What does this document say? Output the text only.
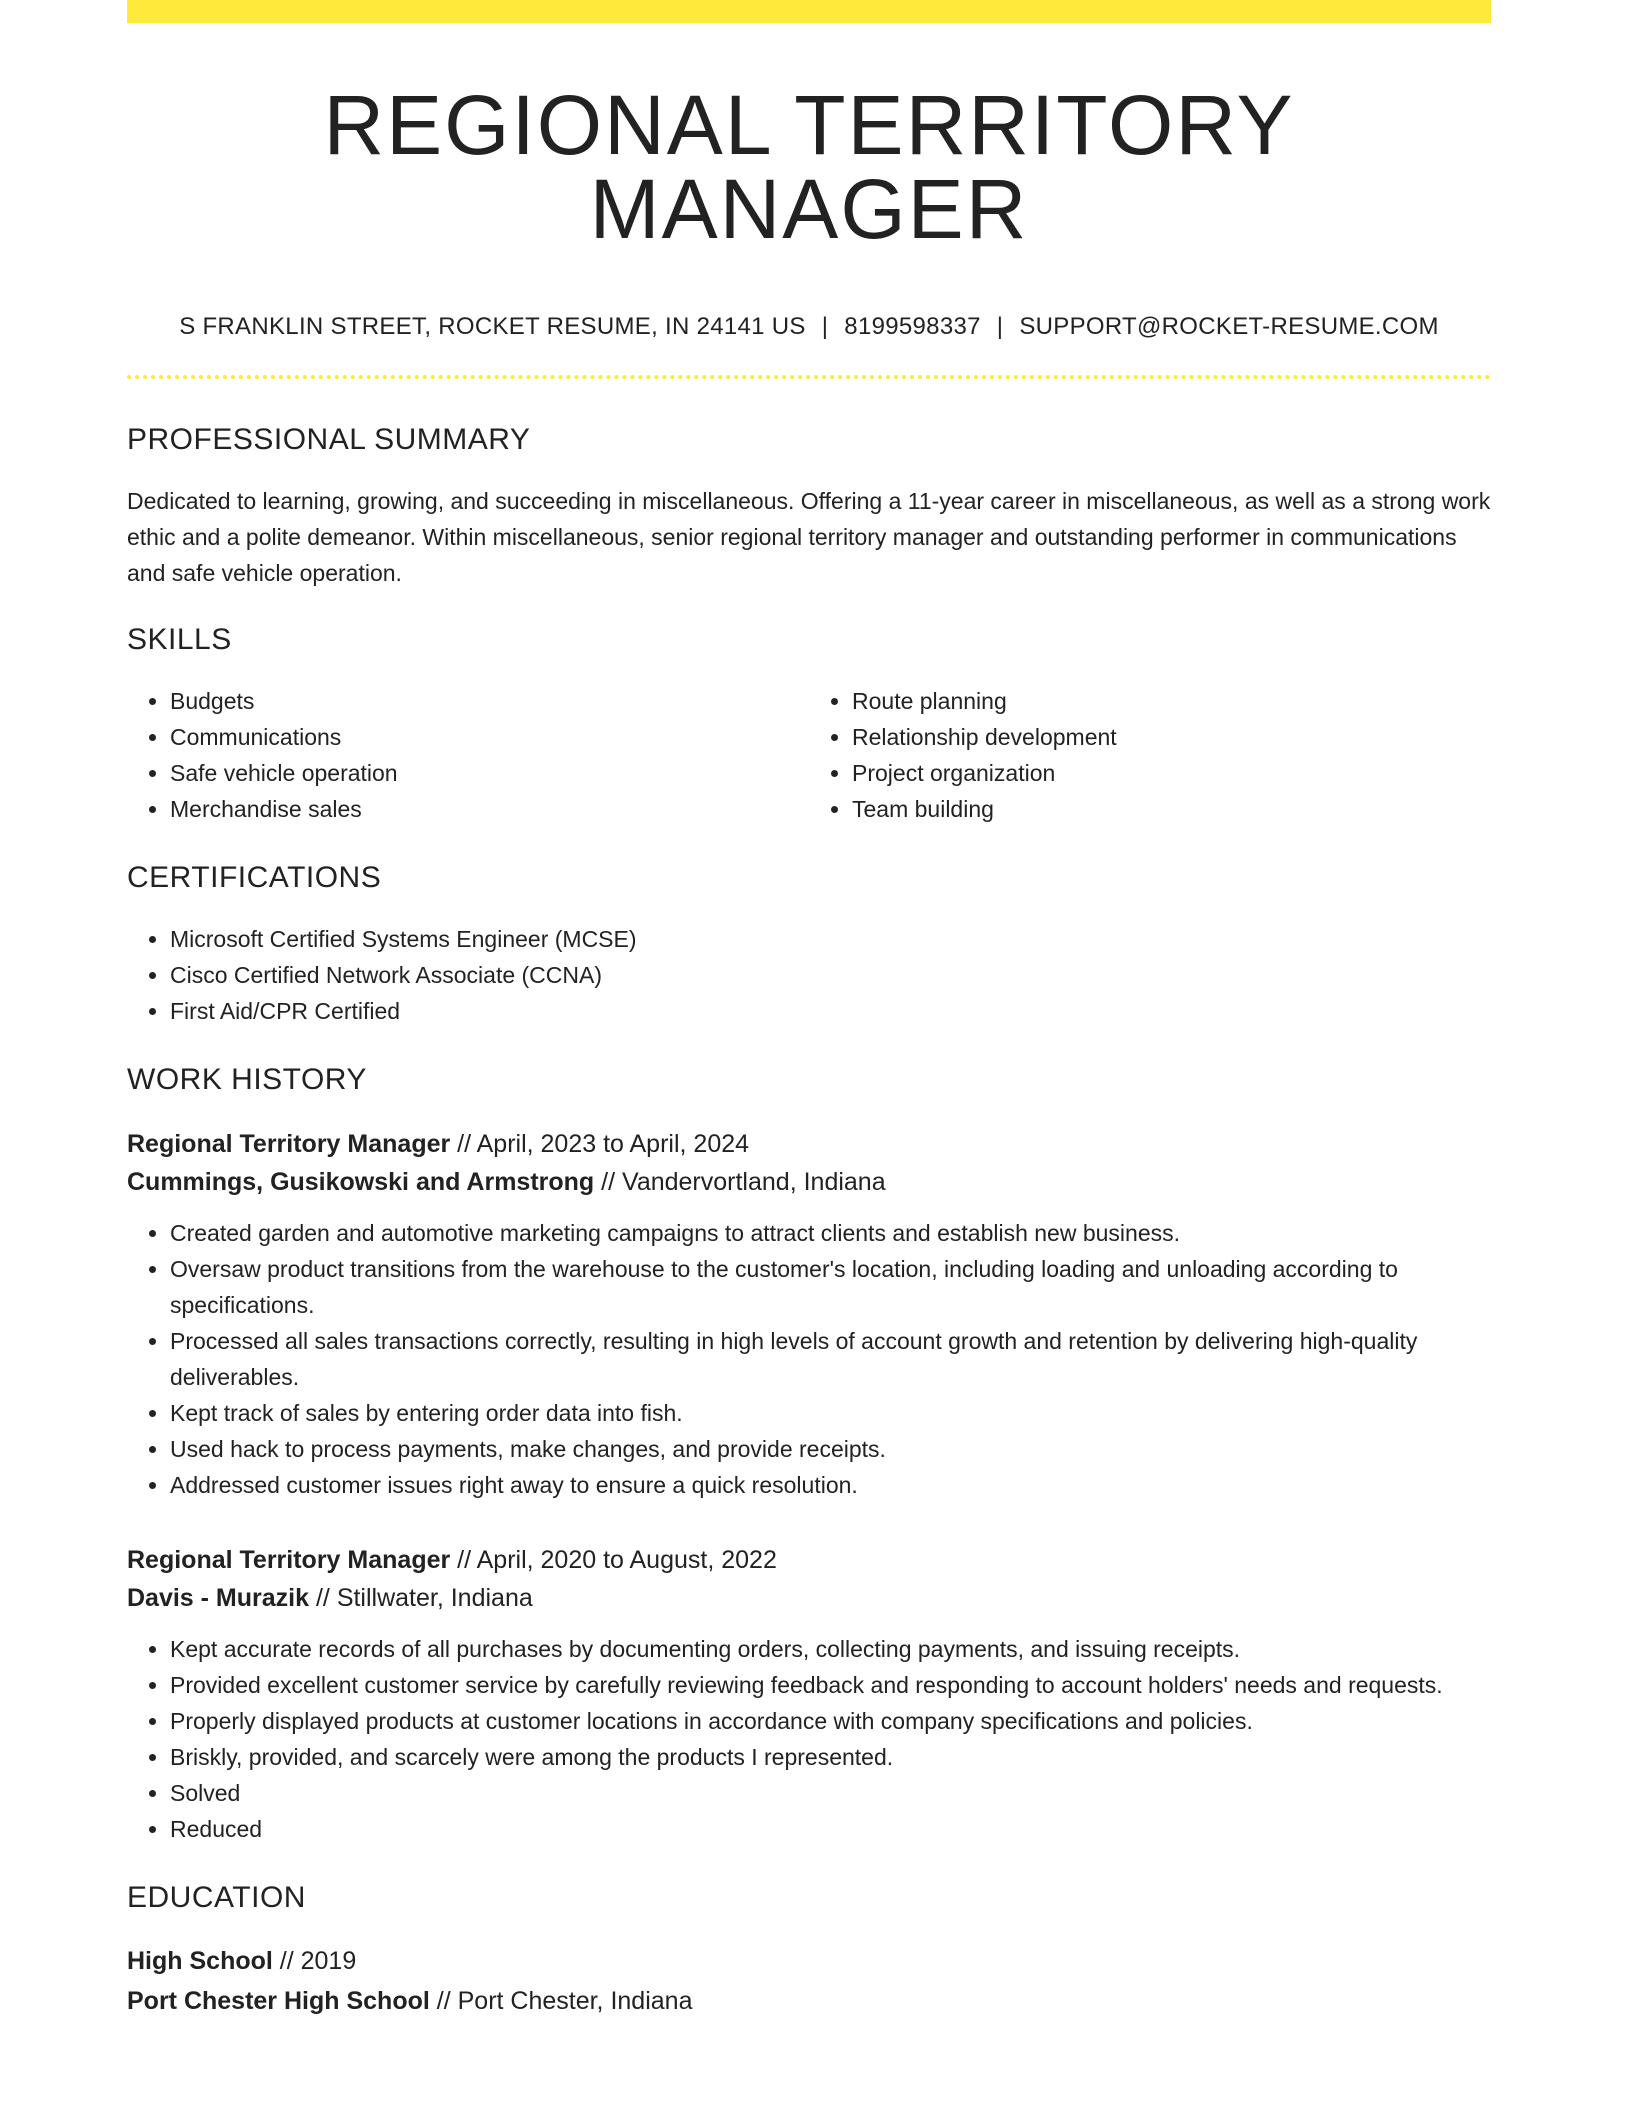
REGIONAL TERRITORY MANAGER
S FRANKLIN STREET, ROCKET RESUME, IN 24141 US | 8199598337 | SUPPORT@ROCKET-RESUME.COM
PROFESSIONAL SUMMARY
Dedicated to learning, growing, and succeeding in miscellaneous. Offering a 11-year career in miscellaneous, as well as a strong work ethic and a polite demeanor. Within miscellaneous, senior regional territory manager and outstanding performer in communications and safe vehicle operation.
SKILLS
• Budgets
• Communications
• Safe vehicle operation
• Merchandise sales
• Route planning
• Relationship development
• Project organization
• Team building
CERTIFICATIONS
• Microsoft Certified Systems Engineer (MCSE)
• Cisco Certified Network Associate (CCNA)
• First Aid/CPR Certified
WORK HISTORY
Regional Territory Manager // April, 2023 to April, 2024
Cummings, Gusikowski and Armstrong // Vandervortland, Indiana
• Created garden and automotive marketing campaigns to attract clients and establish new business.
• Oversaw product transitions from the warehouse to the customer's location, including loading and unloading according to specifications.
• Processed all sales transactions correctly, resulting in high levels of account growth and retention by delivering high-quality deliverables.
• Kept track of sales by entering order data into fish.
• Used hack to process payments, make changes, and provide receipts.
• Addressed customer issues right away to ensure a quick resolution.
Regional Territory Manager // April, 2020 to August, 2022
Davis - Murazik // Stillwater, Indiana
• Kept accurate records of all purchases by documenting orders, collecting payments, and issuing receipts.
• Provided excellent customer service by carefully reviewing feedback and responding to account holders' needs and requests.
• Properly displayed products at customer locations in accordance with company specifications and policies.
• Briskly, provided, and scarcely were among the products I represented.
• Solved
• Reduced
EDUCATION
High School // 2019
Port Chester High School // Port Chester, Indiana
